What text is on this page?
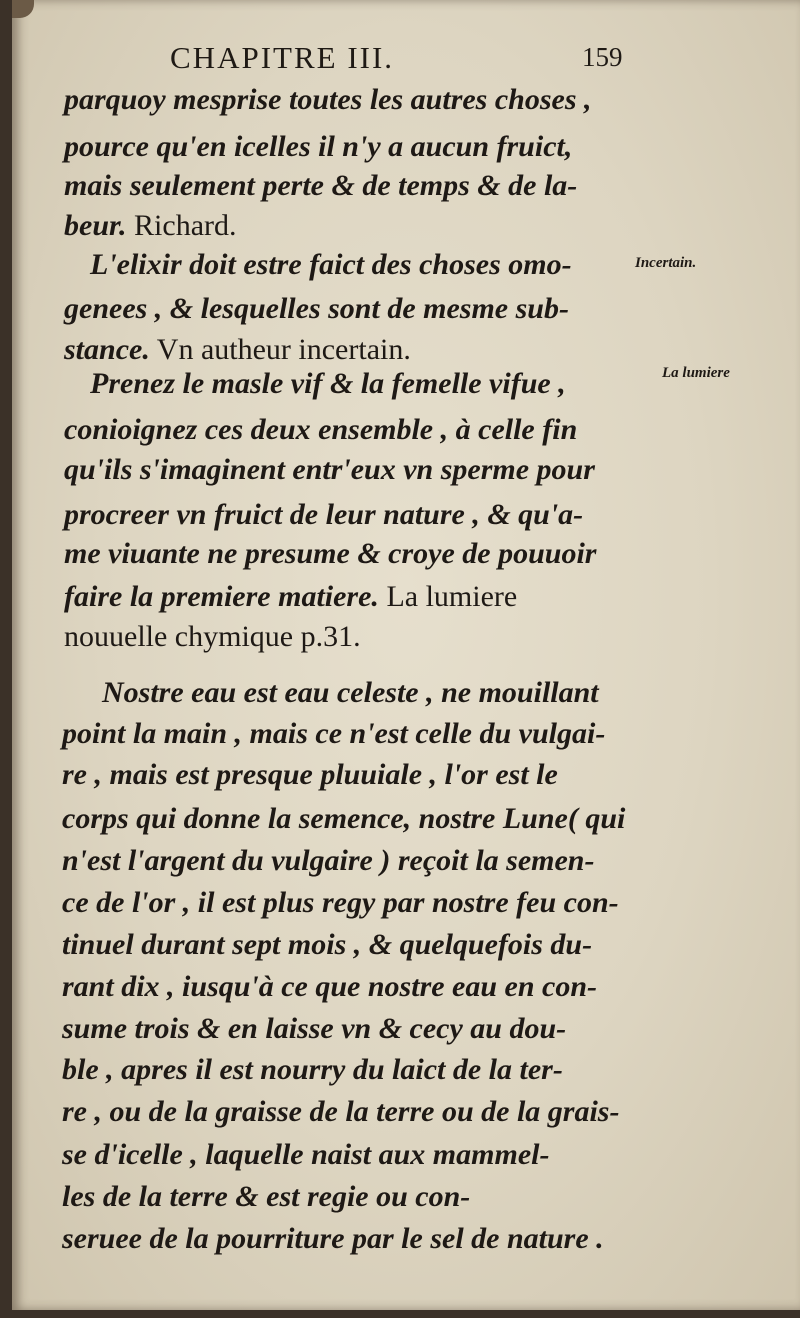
CHAPITRE III.	159
parquoy mesprise toutes les autres choses ,
pource qu'en icelles il n'y a aucun fruict,
mais seulement perte & de temps & de la-
beur. Richard.
L'elixir doit estre faict des choses omo-
genees , & lesquelles sont de mesme sub-
stance. Vn autheur incertain.
Prenez le masle vif & la femelle vifue ,
conioignez ces deux ensemble , à celle fin
qu'ils s'imaginent entr'eux vn sperme pour
procreer vn fruict de leur nature , & qu'a-
me viuante ne presume & croye de pouuoir
faire la premiere matiere. La lumiere
nouuelle chymique p.31.
Nostre eau est eau celeste , ne mouillant
point la main , mais ce n'est celle du vulgai-
re , mais est presque pluuiale , l'or est le
corps qui donne la semence, nostre Lune( qui
n'est l'argent du vulgaire ) reçoit la semen-
ce de l'or , il est plus regy par nostre feu con-
tinuel durant sept mois , & quelquefois du-
rant dix , iusqu'à ce que nostre eau en con-
sume trois & en laisse vn & cecy au dou-
ble , apres il est nourry du laict de la ter-
re , ou de la graisse de la terre ou de la grais-
se d'icelle , laquelle naist aux mammel-
les de la terre & est regie ou con-
seruee de la pourriture par le sel de nature .
Incertain.
La lumiere
